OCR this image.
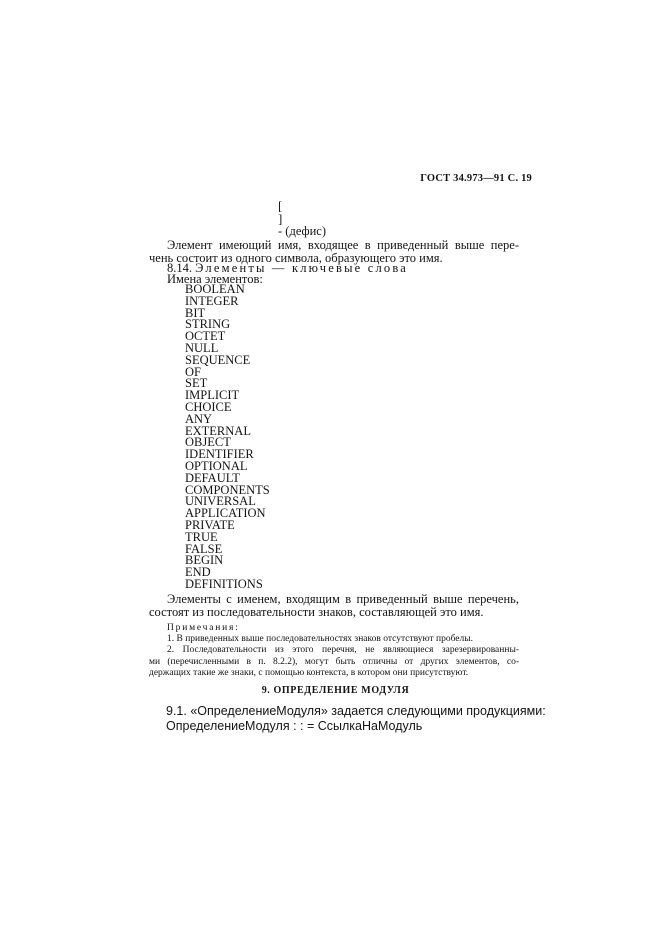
ГОСТ 34.973—91 С. 19
[
]
- (дефис)
Элемент имеющий имя, входящее в приведенный выше пере-
чень состоит из одного символа, образующего это имя.
8.14. Элементы — ключевые слова
Имена элементов:
BOOLEAN
INTEGER
BIT
STRING
OCTET
NULL
SEQUENCE
OF
SET
IMPLICIT
CHOICE
ANY
EXTERNAL
OBJECT
IDENTIFIER
OPTIONAL
DEFAULT
COMPONENTS
UNIVERSAL
APPLICATION
PRIVATE
TRUE
FALSE
BEGIN
END
DEFINITIONS
Элементы с именем, входящим в приведенный выше перечень,
состоят из последовательности знаков, составляющей это имя.
Примечания:
1. В приведенных выше последовательностях знаков отсутствуют пробелы.
2. Последовательности из этого перечня, не являющиеся зарезервированны-
ми (перечисленными в п. 8.2.2), могут быть отличны от других элементов, со-
держащих такие же знаки, с помощью контекста, в котором они присутствуют.
9. ОПРЕДЕЛЕНИЕ МОДУЛЯ
9.1. «ОпределениеМодуля» задается следующими продукциями:
ОпределениеМодуля : : = СсылкаНаМодуль
